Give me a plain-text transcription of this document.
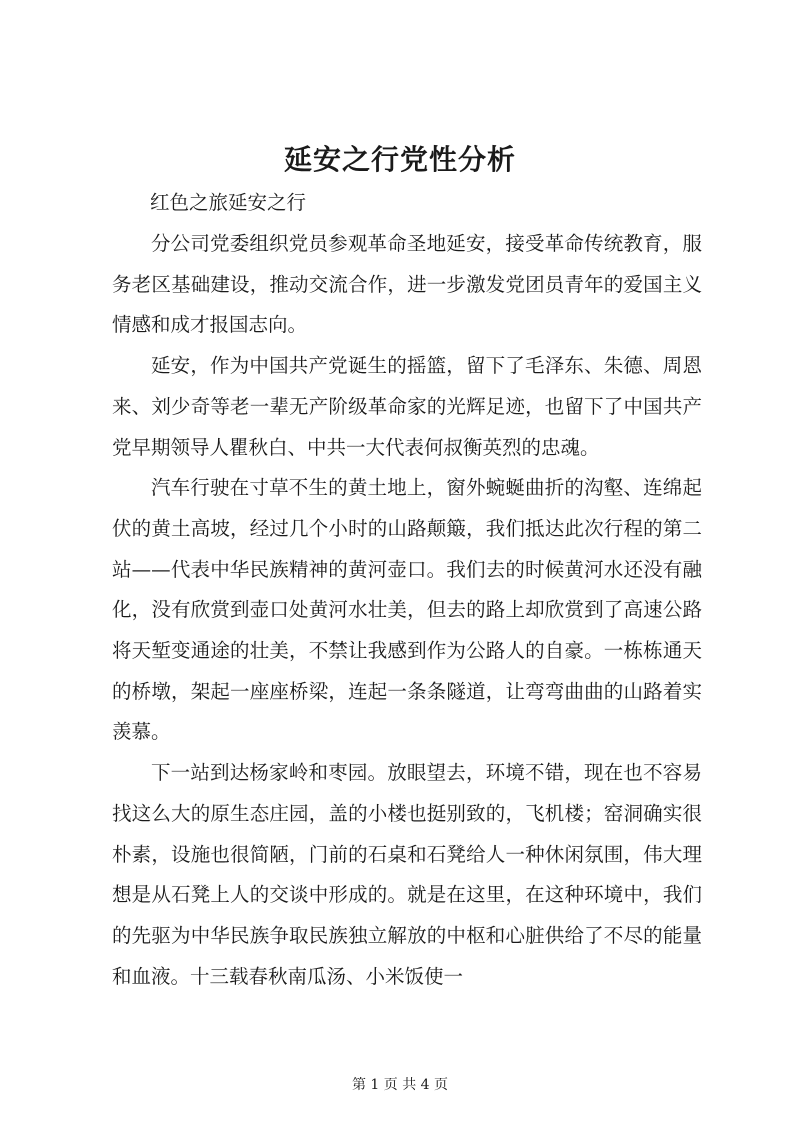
延安之行党性分析
红色之旅延安之行

分公司党委组织党员参观革命圣地延安，接受革命传统教育，服务老区基础建设，推动交流合作，进一步激发党团员青年的爱国主义情感和成才报国志向。

延安，作为中国共产党诞生的摇篮，留下了毛泽东、朱德、周恩来、刘少奇等老一辈无产阶级革命家的光辉足迹，也留下了中国共产党早期领导人瞿秋白、中共一大代表何叔衡英烈的忠魂。

汽车行驶在寸草不生的黄土地上，窗外蜿蜒曲折的沟壑、连绵起伏的黄土高坡，经过几个小时的山路颠簸，我们抵达此次行程的第二站——代表中华民族精神的黄河壶口。我们去的时候黄河水还没有融化，没有欣赏到壶口处黄河水壮美，但去的路上却欣赏到了高速公路将天堑变通途的壮美，不禁让我感到作为公路人的自豪。一栋栋通天的桥墩，架起一座座桥梁，连起一条条隧道，让弯弯曲曲的山路着实羡慕。

下一站到达杨家岭和枣园。放眼望去，环境不错，现在也不容易找这么大的原生态庄园，盖的小楼也挺别致的，飞机楼；窑洞确实很朴素，设施也很简陋，门前的石桌和石凳给人一种休闲氛围，伟大理想是从石凳上人的交谈中形成的。就是在这里，在这种环境中，我们的先驱为中华民族争取民族独立解放的中枢和心脏供给了不尽的能量和血液。十三载春秋南瓜汤、小米饭使一

第 1 页 共 4 页
